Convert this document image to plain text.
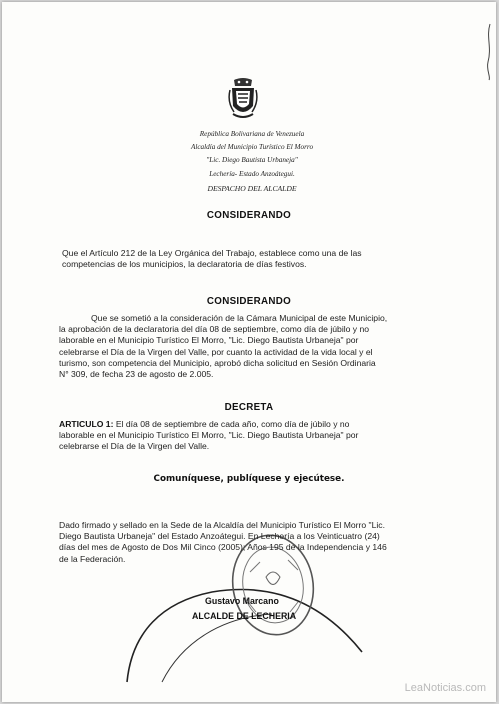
República Bolivariana de Venezuela
Alcaldía del Municipio Turístico El Morro
"Lic. Diego Bautista Urbaneja"
Lechería- Estado Anzoátegui.
DESPACHO DEL ALCALDE
CONSIDERANDO
Que el Artículo 212 de la Ley Orgánica del Trabajo, establece como una de las
competencias de los municipios, la declaratoria de días festivos.
CONSIDERANDO
Que se sometió a la consideración de la Cámara Municipal de este Municipio,
la aprobación de la declaratoria del día 08 de septiembre, como día de júbilo y no
laborable en el Municipio Turístico El Morro, "Lic. Diego Bautista Urbaneja" por
celebrarse el Día de la Virgen del Valle, por cuanto la actividad de la vida local y el
turismo, son competencia del Municipio, aprobó dicha solicitud en Sesión Ordinaria
N° 309, de fecha 23 de agosto de 2.005.
DECRETA
ARTICULO 1: El día 08 de septiembre de cada año, como día de júbilo y no
laborable en el Municipio Turístico El Morro, "Lic. Diego Bautista Urbaneja" por
celebrarse el Día de la Virgen del Valle.
Comuníquese, publíquese y ejecútese.
Dado firmado y sellado en la Sede de la Alcaldía del Municipio Turístico El Morro "Lic.
Diego Bautista Urbaneja" del Estado Anzoátegui. En Lechería a los Veinticuatro (24)
días del mes de Agosto de Dos Mil Cinco (2005); Años 195 de la Independencia y 146
de la Federación.
Gustavo Marcano
ALCALDE DE LECHERIA
LeaNoticias.com
